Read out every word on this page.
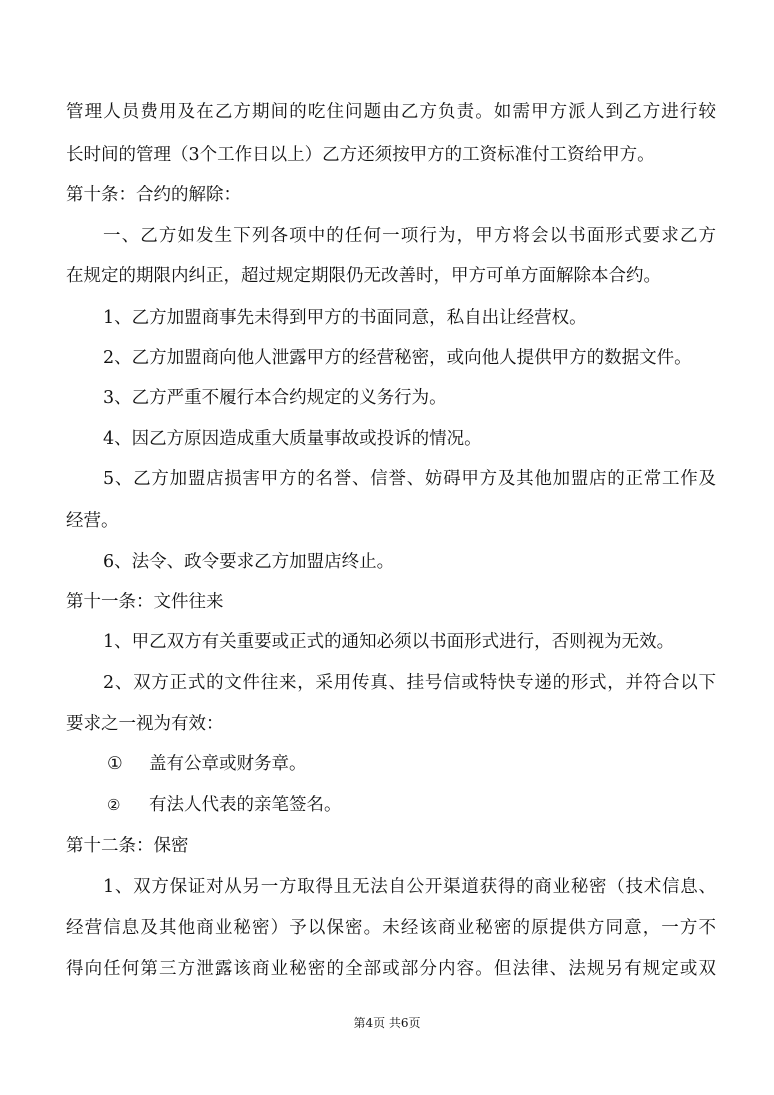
管理人员费用及在乙方期间的吃住问题由乙方负责。如需甲方派人到乙方进行较
长时间的管理（3个工作日以上）乙方还须按甲方的工资标准付工资给甲方。
第十条：合约的解除：
一、乙方如发生下列各项中的任何一项行为，甲方将会以书面形式要求乙方
在规定的期限内纠正，超过规定期限仍无改善时，甲方可单方面解除本合约。
1、乙方加盟商事先未得到甲方的书面同意，私自出让经营权。
2、乙方加盟商向他人泄露甲方的经营秘密，或向他人提供甲方的数据文件。
3、乙方严重不履行本合约规定的义务行为。
4、因乙方原因造成重大质量事故或投诉的情况。
5、乙方加盟店损害甲方的名誉、信誉、妨碍甲方及其他加盟店的正常工作及
经营。
6、法令、政令要求乙方加盟店终止。
第十一条：文件往来
1、甲乙双方有关重要或正式的通知必须以书面形式进行，否则视为无效。
2、双方正式的文件往来，采用传真、挂号信或特快专递的形式，并符合以下
要求之一视为有效：
①	盖有公章或财务章。
②	有法人代表的亲笔签名。
第十二条：保密
1、双方保证对从另一方取得且无法自公开渠道获得的商业秘密（技术信息、
经营信息及其他商业秘密）予以保密。未经该商业秘密的原提供方同意，一方不
得向任何第三方泄露该商业秘密的全部或部分内容。但法律、法规另有规定或双
第4页 共6页
